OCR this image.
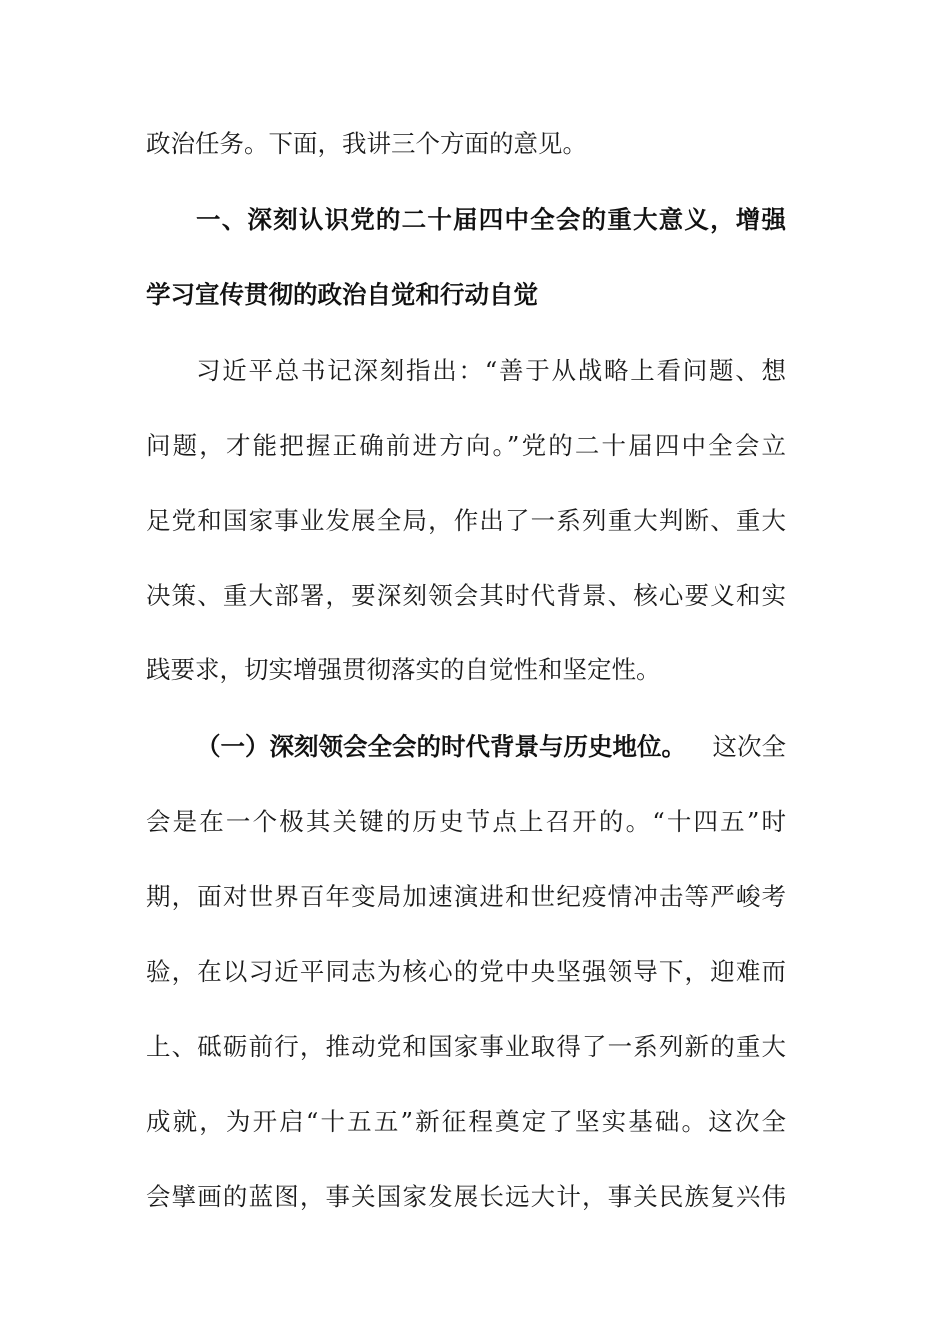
政治任务。下面，我讲三个方面的意见。
一、深刻认识党的二十届四中全会的重大意义，增强
学习宣传贯彻的政治自觉和行动自觉
习近平总书记深刻指出：“善于从战略上看问题、想
问题，才能把握正确前进方向。”党的二十届四中全会立
足党和国家事业发展全局，作出了一系列重大判断、重大
决策、重大部署，要深刻领会其时代背景、核心要义和实
践要求，切实增强贯彻落实的自觉性和坚定性。
（一）深刻领会全会的时代背景与历史地位。 这次全
会是在一个极其关键的历史节点上召开的。“十四五”时
期，面对世界百年变局加速演进和世纪疫情冲击等严峻考
验，在以习近平同志为核心的党中央坚强领导下，迎难而
上、砥砺前行，推动党和国家事业取得了一系列新的重大
成就，为开启“十五五”新征程奠定了坚实基础。这次全
会擘画的蓝图，事关国家发展长远大计，事关民族复兴伟
